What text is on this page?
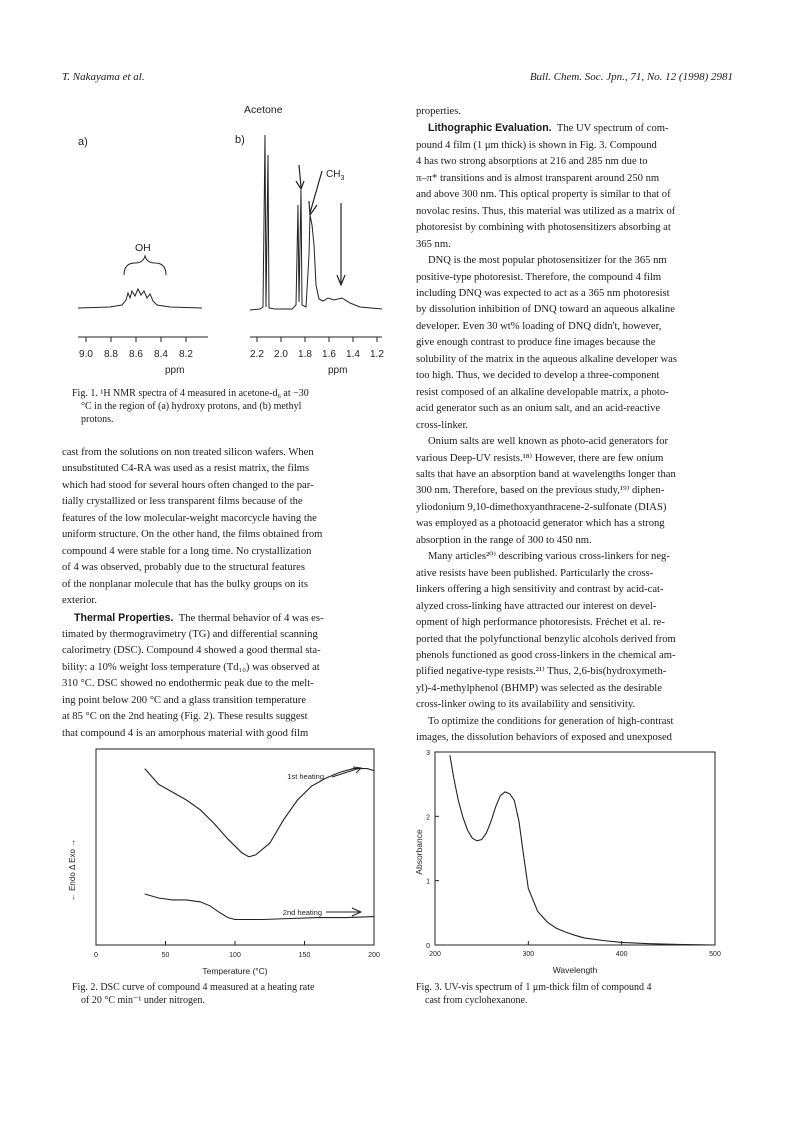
T. Nakayama et al.	Bull. Chem. Soc. Jpn., 71, No. 12 (1998) 2981
Acetone
a)	b)
OH
$CH_3$
9.0 8.8 8.6 8.4 8.2	2.2 2.0 1.8 1.6 1.4 1.2
ppm	ppm
Fig. 1. ¹H NMR spectra of 4 measured in acetone-d₆ at −30
°C in the region of (a) hydroxy protons, and (b) methyl
protons.
cast from the solutions on non treated silicon wafers. When
unsubstituted C4-RA was used as a resist matrix, the films
which had stood for several hours often changed to the par-
tially crystallized or less transparent films because of the
features of the low molecular-weight macorcycle having the
uniform structure. On the other hand, the films obtained from
compound 4 were stable for a long time. No crystallization
of 4 was observed, probably due to the structural features
of the nonplanar molecule that has the bulky groups on its
exterior.
Thermal Properties. The thermal behavior of 4 was es-
timated by thermogravimetry (TG) and differential scanning
calorimetry (DSC). Compound 4 showed a good thermal sta-
bility: a 10% weight loss temperature (Td₁₀) was observed at
310 °C. DSC showed no endothermic peak due to the melt-
ing point below 200 °C and a glass transition temperature
at 85 °C on the 2nd heating (Fig. 2). These results suggest
that compound 4 is an amorphous material with good film
properties.
Lithographic Evaluation. The UV spectrum of com-
pound 4 film (1 μm thick) is shown in Fig. 3. Compound
4 has two strong absorptions at 216 and 285 nm due to
π–π* transitions and is almost transparent around 250 nm
and above 300 nm. This optical property is similar to that of
novolac resins. Thus, this material was utilized as a matrix of
photoresist by combining with photosensitizers absorbing at
365 nm.
DNQ is the most popular photosensitizer for the 365 nm
positive-type photoresist. Therefore, the compound 4 film
including DNQ was expected to act as a 365 nm photoresist
by dissolution inhibition of DNQ toward an aqueous alkaline
developer. Even 30 wt% loading of DNQ didn't, however,
give enough contrast to produce fine images because the
solubility of the matrix in the aqueous alkaline developer was
too high. Thus, we decided to develop a three-component
resist composed of an alkaline developable matrix, a photo-
acid generator such as an onium salt, and an acid-reactive
cross-linker.
Onium salts are well known as photo-acid generators for
various Deep-UV resists.¹⁸⁾ However, there are few onium
salts that have an absorption band at wavelengths longer than
300 nm. Therefore, based on the previous study,¹⁹⁾ diphen-
yliodonium 9,10-dimethoxyanthracene-2-sulfonate (DIAS)
was employed as a photoacid generator which has a strong
absorption in the range of 300 to 450 nm.
Many articles²⁰⁾ describing various cross-linkers for neg-
ative resists have been published. Particularly the cross-
linkers offering a high sensitivity and contrast by acid-cat-
alyzed cross-linking have attracted our interest on devel-
opment of high performance photoresists. Fréchet et al. re-
ported that the polyfunctional benzylic alcohols derived from
phenols functioned as good cross-linkers in the chemical am-
plified negative-type resists.²¹⁾ Thus, 2,6-bis(hydroxymeth-
yl)-4-methylphenol (BHMP) was selected as the desirable
cross-linker owing to its availability and sensitivity.
To optimize the conditions for generation of high-contrast
images, the dissolution behaviors of exposed and unexposed
0	50	100	150	200
1st heating
2nd heating
← Endo Δ Exo →
Temperature (°C)
Fig. 2. DSC curve of compound 4 measured at a heating rate
of 20 °C min⁻¹ under nitrogen.
200	300	400	500
0
1
2
3
Absorbance
Wavelength
Fig. 3. UV-vis spectrum of 1 μm-thick film of compound 4
cast from cyclohexanone.
